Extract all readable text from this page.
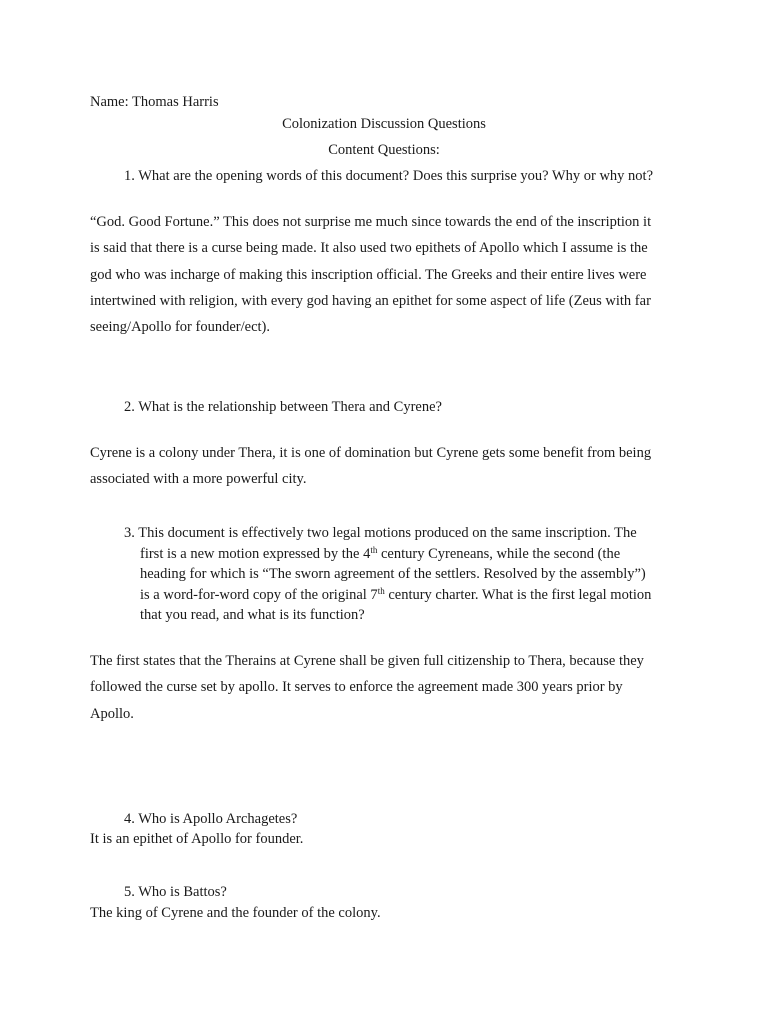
Name: Thomas Harris
Colonization Discussion Questions
Content Questions:
1. What are the opening words of this document? Does this surprise you? Why or why not?
“God. Good Fortune.” This does not surprise me much since towards the end of the inscription it
is said that there is a curse being made. It also used two epithets of Apollo which I assume is the
god who was incharge of making this inscription official. The Greeks and their entire lives were
intertwined with religion, with every god having an epithet for some aspect of life (Zeus with far
seeing/Apollo for founder/ect).
2. What is the relationship between Thera and Cyrene?
Cyrene is a colony under Thera, it is one of domination but Cyrene gets some benefit from being
associated with a more powerful city.
3. This document is effectively two legal motions produced on the same inscription. The
first is a new motion expressed by the 4th century Cyreneans, while the second (the
heading for which is “The sworn agreement of the settlers. Resolved by the assembly”)
is a word-for-word copy of the original 7th century charter. What is the first legal motion
that you read, and what is its function?
The first states that the Therains at Cyrene shall be given full citizenship to Thera, because they
followed the curse set by apollo. It serves to enforce the agreement made 300 years prior by
Apollo.
4. Who is Apollo Archagetes?
It is an epithet of Apollo for founder.
5. Who is Battos?
The king of Cyrene and the founder of the colony.
